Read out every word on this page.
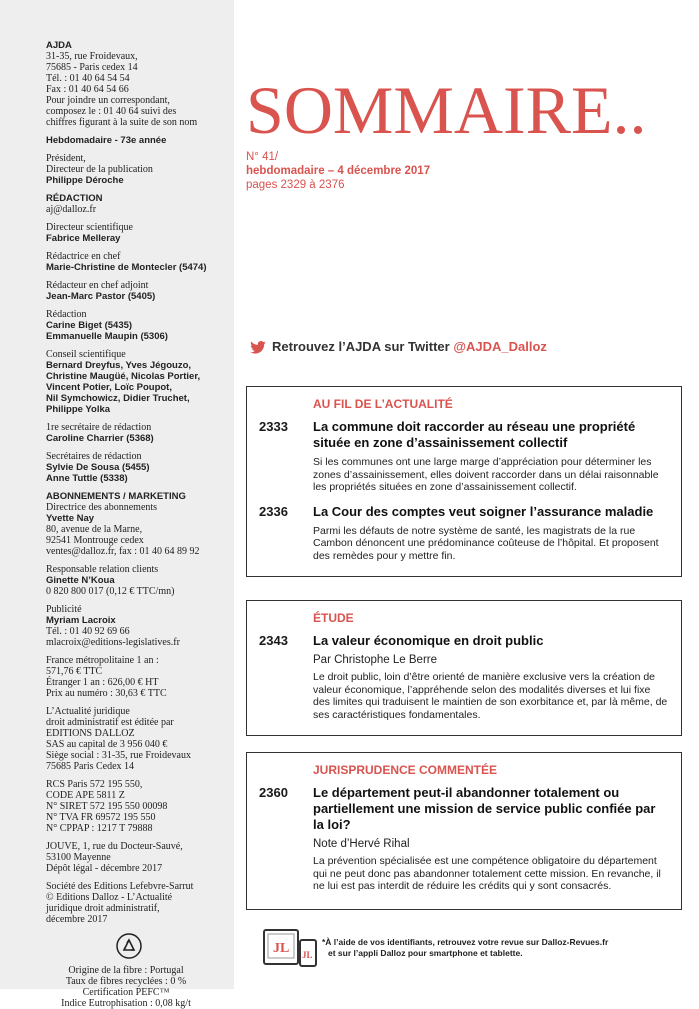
AJDA
31-35, rue Froidevaux,
75685 - Paris cedex 14
Tél. : 01 40 64 54 54
Fax : 01 40 64 54 66
Pour joindre un correspondant,
composez le : 01 40 64 suivi des
chiffres figurant à la suite de son nom
Hebdomadaire - 73e année
Président,
Directeur de la publication
Philippe Déroche
RÉDACTION
aj@dalloz.fr
Directeur scientifique
Fabrice Melleray
Rédactrice en chef
Marie-Christine de Montecler (5474)
Rédacteur en chef adjoint
Jean-Marc Pastor (5405)
Rédaction
Carine Biget (5435)
Emmanuelle Maupin (5306)
Conseil scientifique
Bernard Dreyfus, Yves Jégouzo,
Christine Maugüé, Nicolas Portier,
Vincent Potier, Loïc Poupot,
Nil Symchowicz, Didier Truchet,
Philippe Yolka
1re secrétaire de rédaction
Caroline Charrier (5368)
Secrétaires de rédaction
Sylvie De Sousa (5455)
Anne Tuttle (5338)
ABONNEMENTS / MARKETING
Directrice des abonnements
Yvette Nay
80, avenue de la Marne,
92541 Montrouge cedex
ventes@dalloz.fr, fax : 01 40 64 89 92
Responsable relation clients
Ginette N’Koua
0 820 800 017 (0,12 € TTC/mn)
Publicité
Myriam Lacroix
Tél. : 01 40 92 69 66
mlacroix@editions-legislatives.fr
France métropolitaine 1 an :
571,76 € TTC
Étranger 1 an : 626,00 € HT
Prix au numéro : 30,63 € TTC
L’Actualité juridique
droit administratif est éditée par
EDITIONS DALLOZ
SAS au capital de 3 956 040 €
Siège social : 31-35, rue Froidevaux
75685 Paris Cedex 14
RCS Paris 572 195 550,
CODE APE 5811 Z
N° SIRET 572 195 550 00098
N° TVA FR 69572 195 550
N° CPPAP : 1217 T 79888
JOUVE, 1, rue du Docteur-Sauvé,
53100 Mayenne
Dépôt légal - décembre 2017
Société des Editions Lefebvre-Sarrut
© Editions Dalloz - L’Actualité
juridique droit administratif,
décembre 2017
Origine de la fibre : Portugal
Taux de fibres recyclées : 0 %
Certification PEFC™
Indice Eutrophisation : 0,08 kg/t
SOMMAIRE..
N° 41/
hebdomadaire – 4 décembre 2017
pages 2329 à 2376
Retrouvez l’AJDA sur Twitter @AJDA_Dalloz
AU FIL DE L’ACTUALITÉ
2333	La commune doit raccorder au réseau une propriété située en zone d’assainissement collectif
Si les communes ont une large marge d’appréciation pour déterminer les zones d’assainissement, elles doivent raccorder dans un délai raisonnable les propriétés situées en zone d’assainissement collectif.
2336	La Cour des comptes veut soigner l’assurance maladie
Parmi les défauts de notre système de santé, les magistrats de la rue Cambon dénoncent une prédominance coûteuse de l’hôpital. Et proposent des remèdes pour y mettre fin.
ÉTUDE
2343	La valeur économique en droit public
Par Christophe Le Berre
Le droit public, loin d’être orienté de manière exclusive vers la création de valeur économique, l’appréhende selon des modalités diverses et lui fixe des limites qui traduisent le maintien de son exorbitance et, par là même, de ses caractéristiques fondamentales.
JURISPRUDENCE COMMENTÉE
2360	Le département peut-il abandonner totalement ou partiellement une mission de service public confiée par la loi?
Note d’Hervé Rihal
La prévention spécialisée est une compétence obligatoire du département qui ne peut donc pas abandonner totalement cette mission. En revanche, il ne lui est pas interdit de réduire les crédits qui y sont consacrés.
JL JL
*À l’aide de vos identifiants, retrouvez votre revue sur Dalloz-Revues.fr
et sur l’appli Dalloz pour smartphone et tablette.
